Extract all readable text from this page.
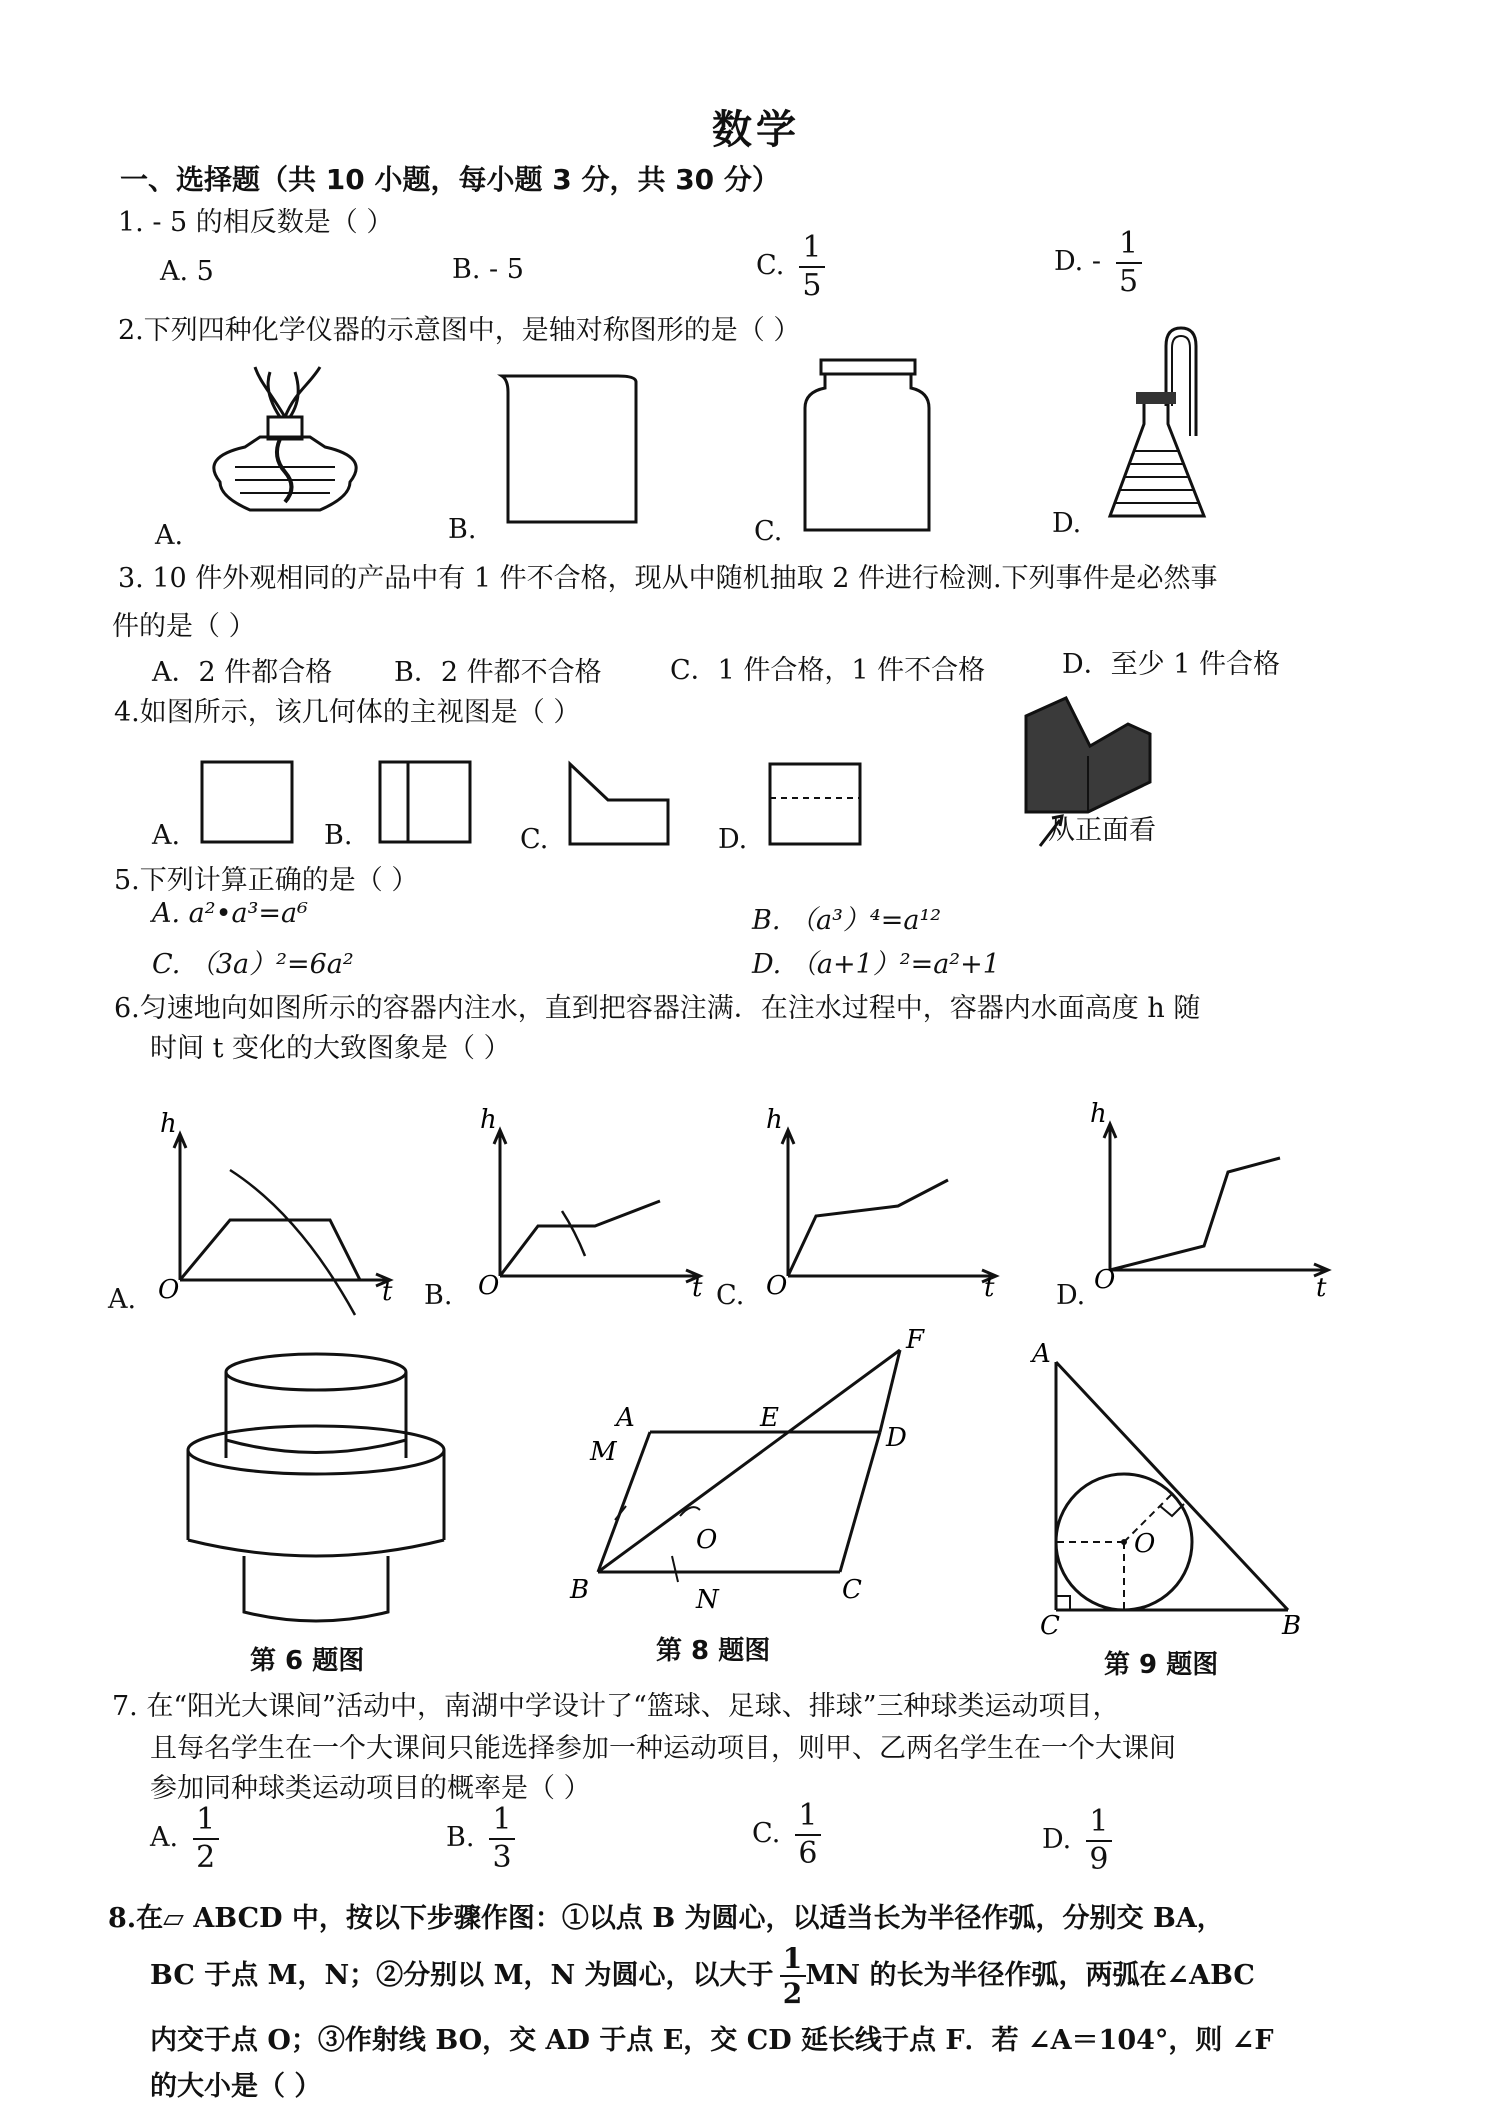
数学
一、选择题（共 10 小题，每小题 3 分，共 30 分）
1. - 5 的相反数是（ ）
A. 5	B. - 5	C. $\frac{1}{5}$	D. - $\frac{1}{5}$
2.下列四种化学仪器的示意图中，是轴对称图形的是（ ）
A.	B.	C.	D.
3. 10 件外观相同的产品中有 1 件不合格，现从中随机抽取 2 件进行检测.下列事件是必然事
件的是（ ）
A．2 件都合格 B．2 件都不合格	C．1 件合格，1 件不合格	D．至少 1 件合格
4.如图所示，该几何体的主视图是（ ）
A.	B.	C.	D.	从正面看
5.下列计算正确的是（ ）
A. a²•a³=a⁶	B. （a³）⁴=a¹²
C. （3a）²=6a²	D. （a+1）²=a²+1
6.匀速地向如图所示的容器内注水，直到把容器注满．在注水过程中，容器内水面高度 h 随
时间 t 变化的大致图象是（ ）
A.
h
O	t B.
h
O	t C.
h
O	t D.
h
O	t
第 6 题图
A
M
E
F
D
O
B	N	C
第 8 题图
A
O
C	B
第 9 题图
7. 在“阳光大课间”活动中，南湖中学设计了“篮球、足球、排球”三种球类运动项目，
且每名学生在一个大课间只能选择参加一种运动项目，则甲、乙两名学生在一个大课间
参加同种球类运动项目的概率是（ ）
A. $\frac{1}{2}$	B. $\frac{1}{3}$	C. $\frac{1}{6}$	D. $\frac{1}{9}$
8.在▱ ABCD 中，按以下步骤作图：①以点 B 为圆心，以适当长为半径作弧，分别交 BA，
BC 于点 M，N；②分别以 M，N 为圆心，以大于 $\frac{1}{2}$ MN 的长为半径作弧，两弧在∠ABC
内交于点 O；③作射线 BO，交 AD 于点 E，交 CD 延长线于点 F．若 ∠A＝104°，则 ∠F
的大小是（ ）
